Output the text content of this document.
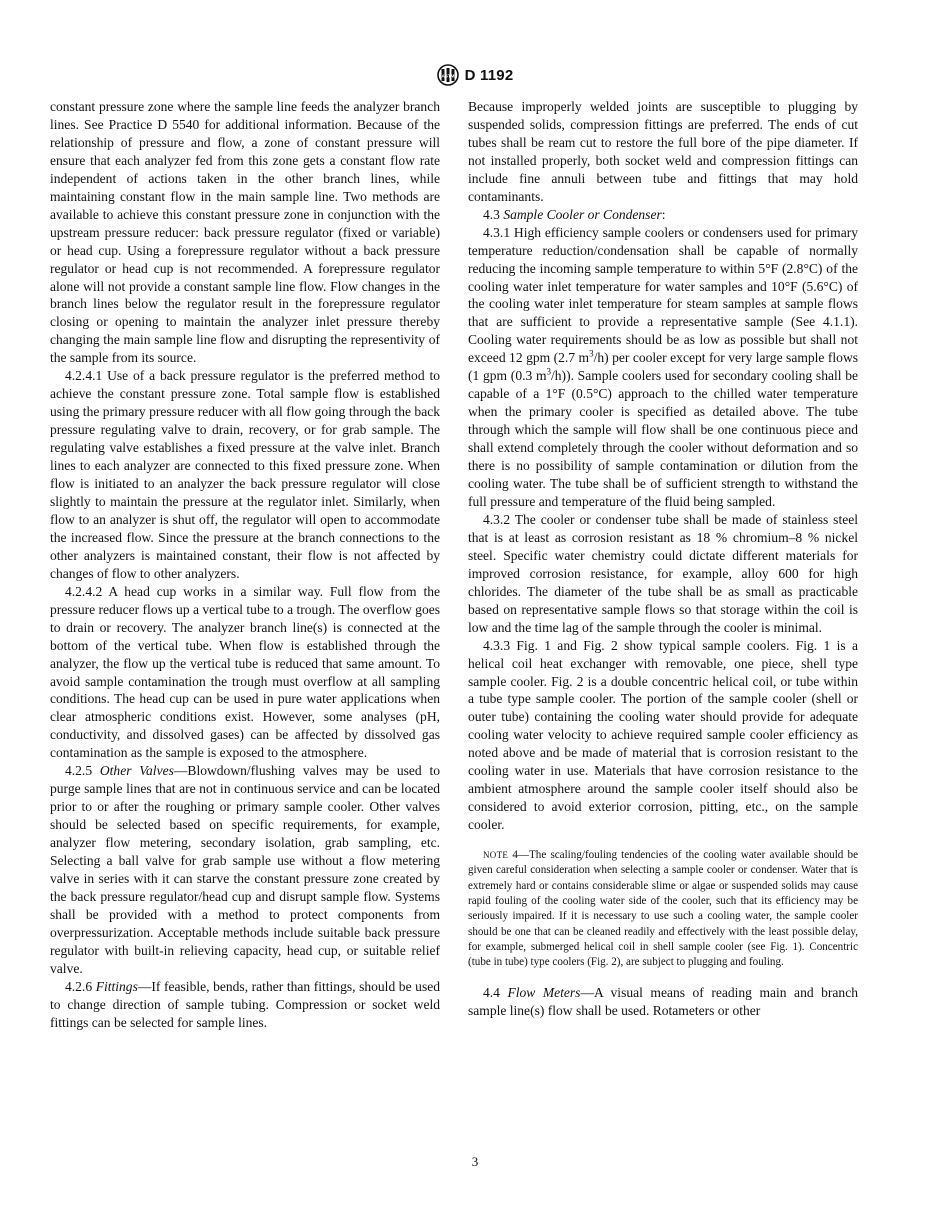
ASTM D 1192

constant pressure zone where the sample line feeds the analyzer branch lines. See Practice D 5540 for additional information. Because of the relationship of pressure and flow, a zone of constant pressure will ensure that each analyzer fed from this zone gets a constant flow rate independent of actions taken in the other branch lines, while maintaining constant flow in the main sample line. Two methods are available to achieve this constant pressure zone in conjunction with the upstream pressure reducer: back pressure regulator (fixed or variable) or head cup. Using a forepressure regulator without a back pressure regulator or head cup is not recommended. A forepressure regulator alone will not provide a constant sample line flow. Flow changes in the branch lines below the regulator result in the forepressure regulator closing or opening to maintain the analyzer inlet pressure thereby changing the main sample line flow and disrupting the representivity of the sample from its source.

4.2.4.1 Use of a back pressure regulator is the preferred method to achieve the constant pressure zone. Total sample flow is established using the primary pressure reducer with all flow going through the back pressure regulating valve to drain, recovery, or for grab sample. The regulating valve establishes a fixed pressure at the valve inlet. Branch lines to each analyzer are connected to this fixed pressure zone. When flow is initiated to an analyzer the back pressure regulator will close slightly to maintain the pressure at the regulator inlet. Similarly, when flow to an analyzer is shut off, the regulator will open to accommodate the increased flow. Since the pressure at the branch connections to the other analyzers is maintained constant, their flow is not affected by changes of flow to other analyzers.

4.2.4.2 A head cup works in a similar way. Full flow from the pressure reducer flows up a vertical tube to a trough. The overflow goes to drain or recovery. The analyzer branch line(s) is connected at the bottom of the vertical tube. When flow is established through the analyzer, the flow up the vertical tube is reduced that same amount. To avoid sample contamination the trough must overflow at all sampling conditions. The head cup can be used in pure water applications when clear atmospheric conditions exist. However, some analyses (pH, conductivity, and dissolved gases) can be affected by dissolved gas contamination as the sample is exposed to the atmosphere.

4.2.5 Other Valves—Blowdown/flushing valves may be used to purge sample lines that are not in continuous service and can be located prior to or after the roughing or primary sample cooler. Other valves should be selected based on specific requirements, for example, analyzer flow metering, secondary isolation, grab sampling, etc. Selecting a ball valve for grab sample use without a flow metering valve in series with it can starve the constant pressure zone created by the back pressure regulator/head cup and disrupt sample flow. Systems shall be provided with a method to protect components from overpressurization. Acceptable methods include suitable back pressure regulator with built-in relieving capacity, head cup, or suitable relief valve.

4.2.6 Fittings—If feasible, bends, rather than fittings, should be used to change direction of sample tubing. Compression or socket weld fittings can be selected for sample lines.

Because improperly welded joints are susceptible to plugging by suspended solids, compression fittings are preferred. The ends of cut tubes shall be ream cut to restore the full bore of the pipe diameter. If not installed properly, both socket weld and compression fittings can include fine annuli between tube and fittings that may hold contaminants.

4.3 Sample Cooler or Condenser:

4.3.1 High efficiency sample coolers or condensers used for primary temperature reduction/condensation shall be capable of normally reducing the incoming sample temperature to within 5°F (2.8°C) of the cooling water inlet temperature for water samples and 10°F (5.6°C) of the cooling water inlet temperature for steam samples at sample flows that are sufficient to provide a representative sample (See 4.1.1). Cooling water requirements should be as low as possible but shall not exceed 12 gpm (2.7 $m^3/h$) per cooler except for very large sample flows (1 gpm (0.3 $m^3/h$)). Sample coolers used for secondary cooling shall be capable of a 1°F (0.5°C) approach to the chilled water temperature when the primary cooler is specified as detailed above. The tube through which the sample will flow shall be one continuous piece and shall extend completely through the cooler without deformation and so there is no possibility of sample contamination or dilution from the cooling water. The tube shall be of sufficient strength to withstand the full pressure and temperature of the fluid being sampled.

4.3.2 The cooler or condenser tube shall be made of stainless steel that is at least as corrosion resistant as 18 % chromium–8 % nickel steel. Specific water chemistry could dictate different materials for improved corrosion resistance, for example, alloy 600 for high chlorides. The diameter of the tube shall be as small as practicable based on representative sample flows so that storage within the coil is low and the time lag of the sample through the cooler is minimal.

4.3.3 Fig. 1 and Fig. 2 show typical sample coolers. Fig. 1 is a helical coil heat exchanger with removable, one piece, shell type sample cooler. Fig. 2 is a double concentric helical coil, or tube within a tube type sample cooler. The portion of the sample cooler (shell or outer tube) containing the cooling water should provide for adequate cooling water velocity to achieve required sample cooler efficiency as noted above and be made of material that is corrosion resistant to the cooling water in use. Materials that have corrosion resistance to the ambient atmosphere around the sample cooler itself should also be considered to avoid exterior corrosion, pitting, etc., on the sample cooler.

NOTE 4—The scaling/fouling tendencies of the cooling water available should be given careful consideration when selecting a sample cooler or condenser. Water that is extremely hard or contains considerable slime or algae or suspended solids may cause rapid fouling of the cooling water side of the cooler, such that its efficiency may be seriously impaired. If it is necessary to use such a cooling water, the sample cooler should be one that can be cleaned readily and effectively with the least possible delay, for example, submerged helical coil in shell sample cooler (see Fig. 1). Concentric (tube in tube) type coolers (Fig. 2), are subject to plugging and fouling.

4.4 Flow Meters—A visual means of reading main and branch sample line(s) flow shall be used. Rotameters or other

3
